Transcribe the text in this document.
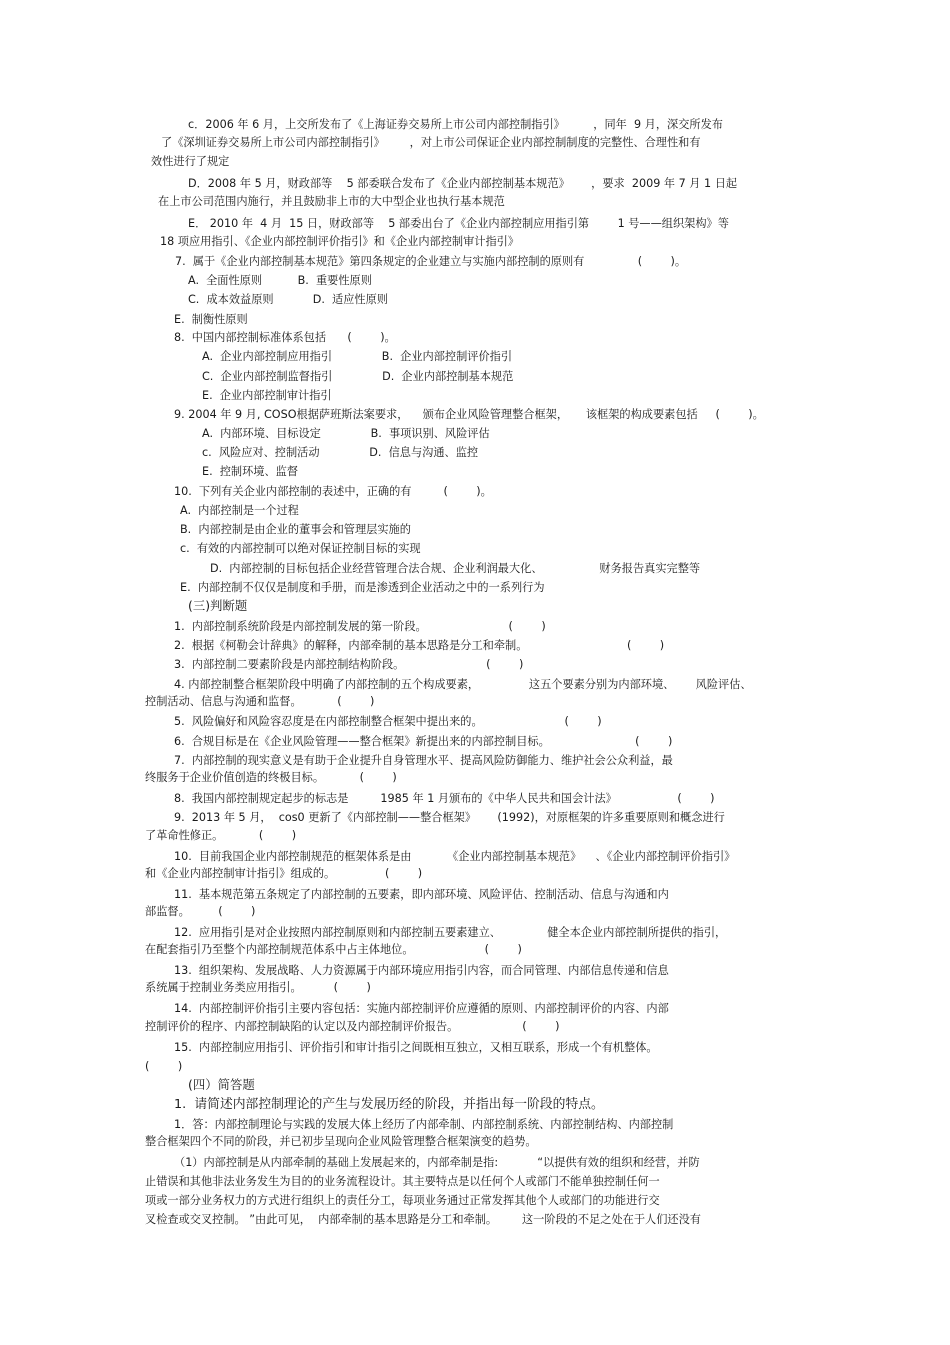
c．2006 年 6 月，上交所发布了《上海证券交易所上市公司内部控制指引》        ，同年  9 月，深交所发布
了《深圳证券交易所上市公司内部控制指引》       ，对上市公司保证企业内部控制制度的完整性、合理性和有
效性进行了规定
D．2008 年 5 月，财政部等    5 部委联合发布了《企业内部控制基本规范》      ，要求  2009 年 7 月 1 日起
在上市公司范围内施行，并且鼓励非上市的大中型企业也执行基本规范
E． 2010 年  4 月  15 日，财政部等    5 部委出台了《企业内部控制应用指引第        1 号——组织架构》等
18 项应用指引、《企业内部控制评价指引》和《企业内部控制审计指引》
7.  属于《企业内部控制基本规范》第四条规定的企业建立与实施内部控制的原则有               (        )。
A.  全面性原则          B.  重要性原则
C.  成本效益原则           D.  适应性原则
E.  制衡性原则
8.  中国内部控制标准体系包括      (        )。
A.  企业内部控制应用指引              B.  企业内部控制评价指引
C.  企业内部控制监督指引              D.  企业内部控制基本规范
E.  企业内部控制审计指引
9. 2004 年 9 月, COSO根据萨班斯法案要求，    颁布企业风险管理整合框架，     该框架的构成要素包括     (        )。
A.  内部环境、目标设定              B.  事项识别、风险评估
c.  风险应对、控制活动              D.  信息与沟通、监控
E.  控制环境、监督
10.  下列有关企业内部控制的表述中，正确的有         (        )。
A.  内部控制是一个过程
B.  内部控制是由企业的董事会和管理层实施的
c.  有效的内部控制可以绝对保证控制目标的实现
D.  内部控制的目标包括企业经营管理合法合规、企业利润最大化、                财务报告真实完整等
E.  内部控制不仅仅是制度和手册，而是渗透到企业活动之中的一系列行为
(三)判断题
1.  内部控制系统阶段是内部控制发展的第一阶段。                       (        )
2.  根据《柯勒会计辞典》的解释，内部牵制的基本思路是分工和牵制。                            (        )
3.  内部控制二要素阶段是内部控制结构阶段。                       (        )
4. 内部控制整合框架阶段中明确了内部控制的五个构成要素，              这五个要素分别为内部环境、      风险评估、
控制活动、信息与沟通和监督。          (        )
5.  风险偏好和风险容忍度是在内部控制整合框架中提出来的。                       (        )
6.  合规目标是在《企业风险管理——整合框架》新提出来的内部控制目标。                        (        )
7.  内部控制的现实意义是有助于企业提升自身管理水平、提高风险防御能力、维护社会公众利益，最
终服务于企业价值创造的终极目标。          (        )
8.  我国内部控制规定起步的标志是         1985 年 1 月颁布的《中华人民共和国会计法》                 (        )
9.  2013 年 5 月，  cos0 更新了《内部控制——整合框架》      (1992)，对原框架的许多重要原则和概念进行
了革命性修正。          (        )
10.  目前我国企业内部控制规范的框架体系是由          《企业内部控制基本规范》    、《企业内部控制评价指引》
和《企业内部控制审计指引》组成的。              (        )
11.  基本规范第五条规定了内部控制的五要素，即内部环境、风险评估、控制活动、信息与沟通和内
部监督。        (        )
12.  应用指引是对企业按照内部控制原则和内部控制五要素建立、             健全本企业内部控制所提供的指引，
在配套指引乃至整个内部控制规范体系中占主体地位。                    (        )
13.  组织架构、发展战略、人力资源属于内部环境应用指引内容，而合同管理、内部信息传递和信息
系统属于控制业务类应用指引。         (        )
14.  内部控制评价指引主要内容包括：实施内部控制评价应遵循的原则、内部控制评价的内容、内部
控制评价的程序、内部控制缺陷的认定以及内部控制评价报告。                  (        )
15.  内部控制应用指引、评价指引和审计指引之间既相互独立，又相互联系，形成一个有机整体。
(        )
(四）简答题
1.  请简述内部控制理论的产生与发展历经的阶段，并指出每一阶段的特点。
1．答：内部控制理论与实践的发展大体上经历了内部牵制、内部控制系统、内部控制结构、内部控制
整合框架四个不同的阶段，并已初步呈现向企业风险管理整合框架演变的趋势。
（1）内部控制是从内部牵制的基础上发展起来的，内部牵制是指:           “以提供有效的组织和经营，并防
止错误和其他非法业务发生为目的的业务流程设计。其主要特点是以任何个人或部门不能单独控制任何一
项或一部分业务权力的方式进行组织上的责任分工，每项业务通过正常发挥其他个人或部门的功能进行交
叉检查或交叉控制。 ”由此可见，  内部牵制的基本思路是分工和牵制。       这一阶段的不足之处在于人们还没有
